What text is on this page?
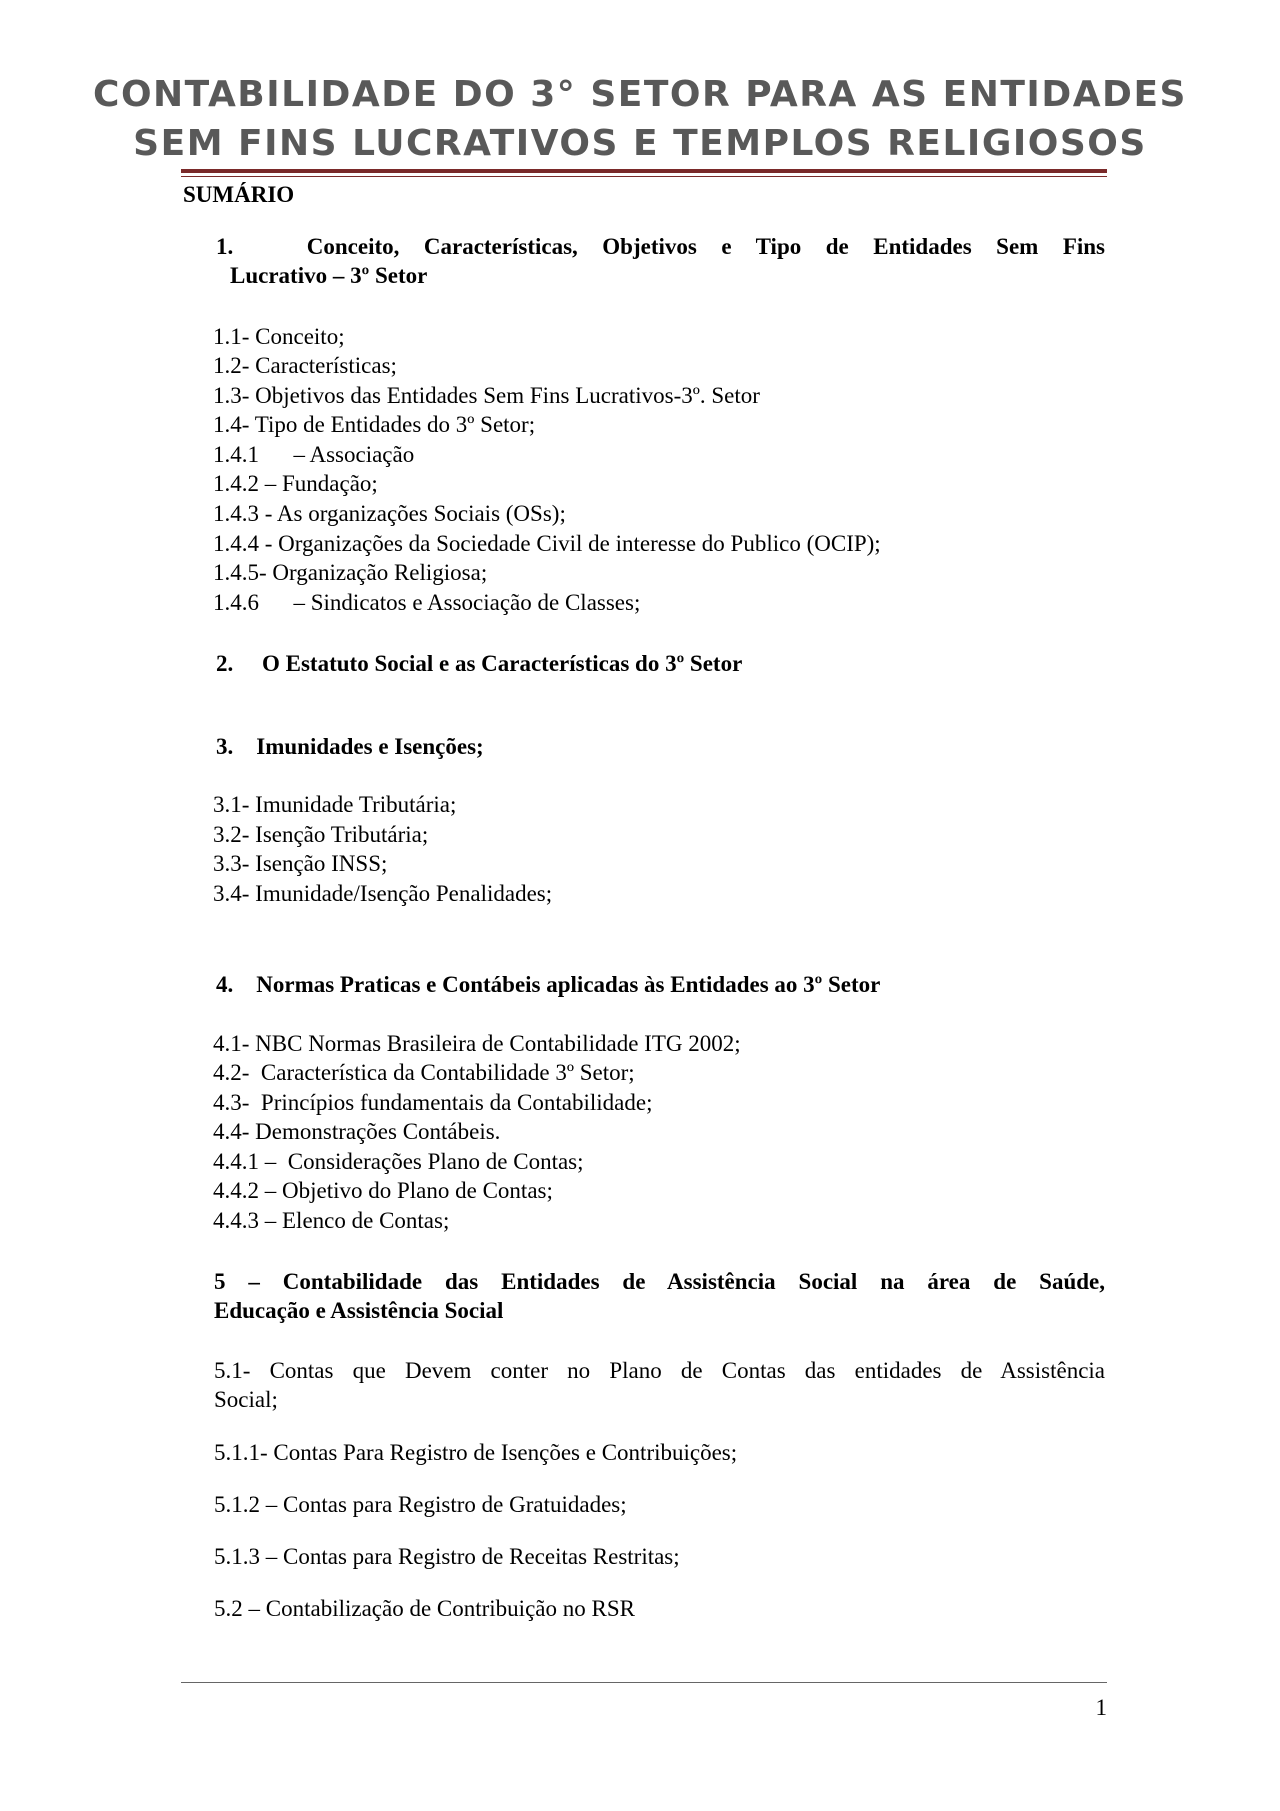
CONTABILIDADE DO 3° SETOR PARA AS ENTIDADES
SEM FINS LUCRATIVOS E TEMPLOS RELIGIOSOS
SUMÁRIO
1.   Conceito, Características, Objetivos e Tipo de Entidades Sem Fins
Lucrativo – 3º Setor
1.1- Conceito;
1.2- Características;
1.3- Objetivos das Entidades Sem Fins Lucrativos-3º. Setor
1.4- Tipo de Entidades do 3º Setor;
1.4.1      – Associação
1.4.2 – Fundação;
1.4.3 - As organizações Sociais (OSs);
1.4.4 - Organizações da Sociedade Civil de interesse do Publico (OCIP);
1.4.5- Organização Religiosa;
1.4.6      – Sindicatos e Associação de Classes;
2.     O Estatuto Social e as Características do 3º Setor
3.    Imunidades e Isenções;
3.1- Imunidade Tributária;
3.2- Isenção Tributária;
3.3- Isenção INSS;
3.4- Imunidade/Isenção Penalidades;
4.    Normas Praticas e Contábeis aplicadas às Entidades ao 3º Setor
4.1- NBC Normas Brasileira de Contabilidade ITG 2002;
4.2-  Característica da Contabilidade 3º Setor;
4.3-  Princípios fundamentais da Contabilidade;
4.4- Demonstrações Contábeis.
4.4.1 –  Considerações Plano de Contas;
4.4.2 – Objetivo do Plano de Contas;
4.4.3 – Elenco de Contas;
5 – Contabilidade das Entidades de Assistência Social na área de Saúde,
Educação e Assistência Social
5.1- Contas que Devem conter no Plano de Contas das entidades de Assistência
Social;
5.1.1- Contas Para Registro de Isenções e Contribuições;
5.1.2 – Contas para Registro de Gratuidades;
5.1.3 – Contas para Registro de Receitas Restritas;
5.2 – Contabilização de Contribuição no RSR
1
